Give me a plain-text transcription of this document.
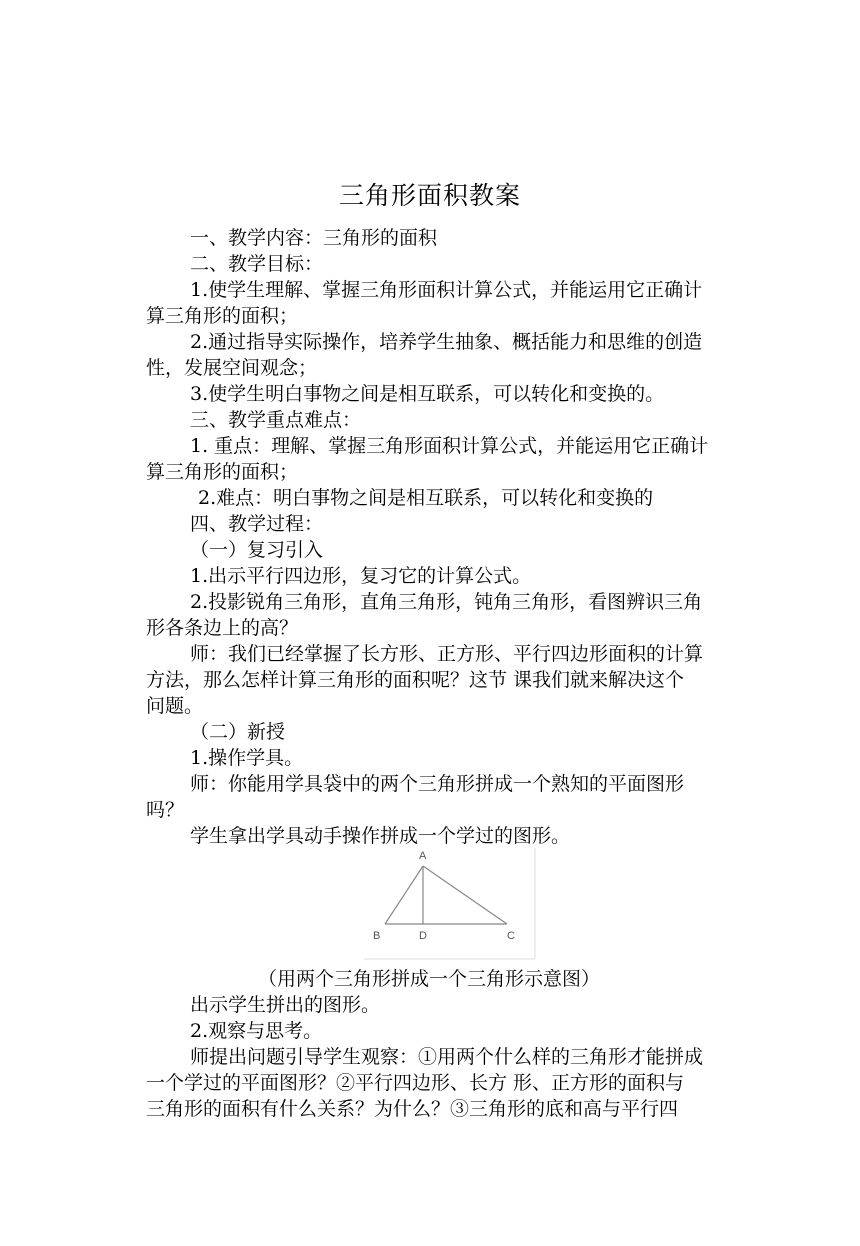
三角形面积教案
一、教学内容：三角形的面积
二、教学目标：
1.使学生理解、掌握三角形面积计算公式，并能运用它正确计
算三角形的面积；
2.通过指导实际操作，培养学生抽象、概括能力和思维的创造
性，发展空间观念；
3.使学生明白事物之间是相互联系，可以转化和变换的。
三、教学重点难点：
1. 重点：理解、掌握三角形面积计算公式，并能运用它正确计
算三角形的面积；
2.难点：明白事物之间是相互联系，可以转化和变换的
四、教学过程：
（一）复习引入
1.出示平行四边形，复习它的计算公式。
2.投影锐角三角形，直角三角形，钝角三角形，看图辨识三角
形各条边上的高？
师：我们已经掌握了长方形、正方形、平行四边形面积的计算
方法，那么怎样计算三角形的面积呢？这节 课我们就来解决这个
问题。
（二）新授
1.操作学具。
师：你能用学具袋中的两个三角形拼成一个熟知的平面图形
吗？
学生拿出学具动手操作拼成一个学过的图形。
A
B	D	C
（用两个三角形拼成一个三角形示意图）
出示学生拼出的图形。
2.观察与思考。
师提出问题引导学生观察：①用两个什么样的三角形才能拼成
一个学过的平面图形？②平行四边形、长方 形、正方形的面积与
三角形的面积有什么关系？为什么？③三角形的底和高与平行四
